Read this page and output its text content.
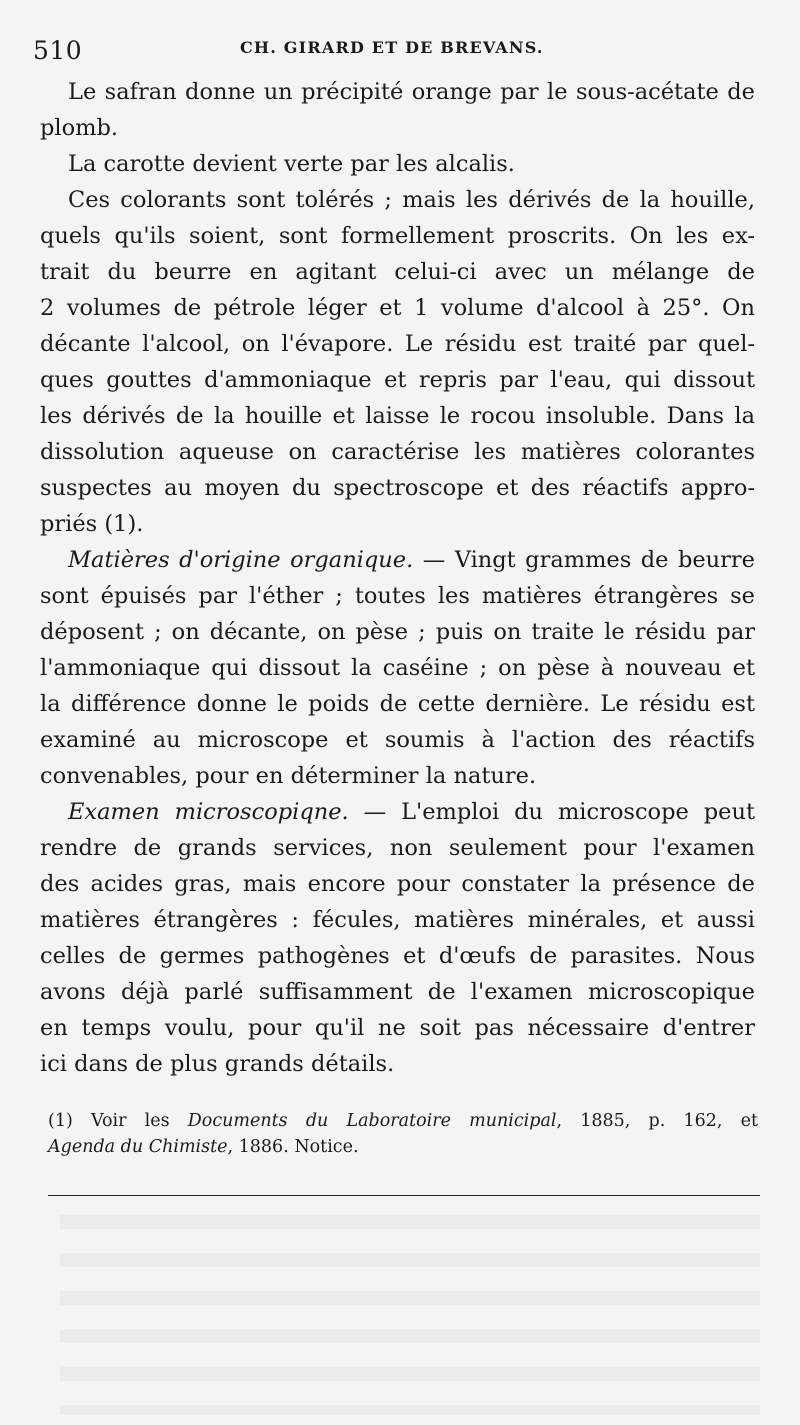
510	CH. GIRARD ET DE BREVANS.
Le safran donne un précipité orange par le sous-acétate de
plomb.
La carotte devient verte par les alcalis.
Ces colorants sont tolérés ; mais les dérivés de la houille,
quels qu'ils soient, sont formellement proscrits. On les ex-
trait du beurre en agitant celui-ci avec un mélange de
2 volumes de pétrole léger et 1 volume d'alcool à 25°. On
décante l'alcool, on l'évapore. Le résidu est traité par quel-
ques gouttes d'ammoniaque et repris par l'eau, qui dissout
les dérivés de la houille et laisse le rocou insoluble. Dans la
dissolution aqueuse on caractérise les matières colorantes
suspectes au moyen du spectroscope et des réactifs appro-
priés (1).
Matières d'origine organique. — Vingt grammes de beurre
sont épuisés par l'éther ; toutes les matières étrangères se
déposent ; on décante, on pèse ; puis on traite le résidu par
l'ammoniaque qui dissout la caséine ; on pèse à nouveau et
la différence donne le poids de cette dernière. Le résidu est
examiné au microscope et soumis à l'action des réactifs
convenables, pour en déterminer la nature.
Examen microscopiqne. — L'emploi du microscope peut
rendre de grands services, non seulement pour l'examen
des acides gras, mais encore pour constater la présence de
matières étrangères : fécules, matières minérales, et aussi
celles de germes pathogènes et d'œufs de parasites. Nous
avons déjà parlé suffisamment de l'examen microscopique
en temps voulu, pour qu'il ne soit pas nécessaire d'entrer
ici dans de plus grands détails.
(1) Voir les Documents du Laboratoire municipal, 1885, p. 162, et
Agenda du Chimiste, 1886. Notice.
